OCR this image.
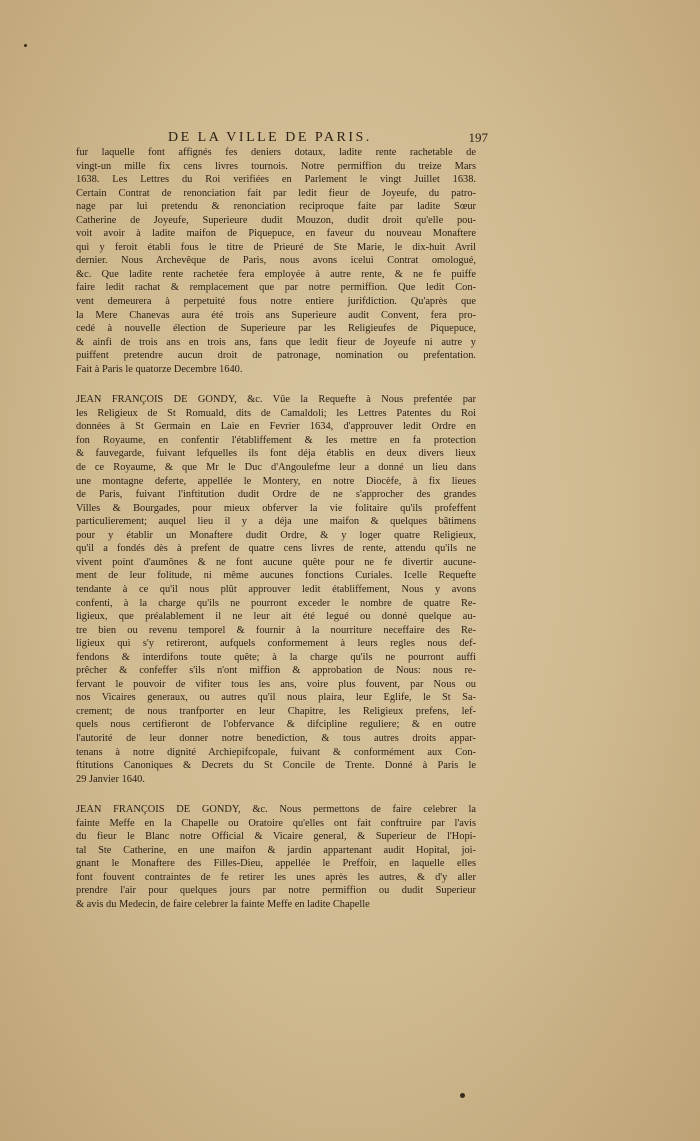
DE LA VILLE DE PARIS.	197
fur laquelle font affignés fes deniers dotaux, ladite rente rachetable de
vingt-un mille fix cens livres tournois. Notre permiffion du treize Mars
1638. Les Lettres du Roi verifiées en Parlement le vingt Juillet 1638.
Certain Contrat de renonciation fait par ledit fieur de Joyeufe, du patro-
nage par lui pretendu & renonciation reciproque faite par ladite Sœur
Catherine de Joyeufe, Superieure dudit Mouzon, dudit droit qu'elle pou-
voit avoir à ladite maifon de Piquepuce, en faveur du nouveau Monaftere
qui y feroit établi fous le titre de Prieuré de Ste Marie, le dix-huit Avril
dernier. Nous Archevêque de Paris, nous avons icelui Contrat omologué,
&c. Que ladite rente rachetée fera employée à autre rente, & ne fe puiffe
faire ledit rachat & remplacement que par notre permiffion. Que ledit Con-
vent demeurera à perpetuité fous notre entiere jurifdiction. Qu'après que
la Mere Chanevas aura été trois ans Superieure audit Convent, fera pro-
cedé à nouvelle élection de Superieure par les Religieufes de Piquepuce,
& ainfi de trois ans en trois ans, fans que ledit fieur de Joyeufe ni autre y
puiffent pretendre aucun droit de patronage, nomination ou prefentation.
Fait à Paris le quatorze Decembre 1640.
JEAN FRANÇOIS DE GONDY, &c. Vûe la Requefte à Nous prefentée par
les Religieux de St Romuald, dits de Camaldoli; les Lettres Patentes du Roi
données à St Germain en Laie en Fevrier 1634, d'approuver ledit Ordre en
fon Royaume, en confentir l'établiffement & les mettre en fa protection
& fauvegarde, fuivant lefquelles ils font déja établis en deux divers lieux
de ce Royaume, & que Mr le Duc d'Angoulefme leur a donné un lieu dans
une montagne deferte, appellée le Montery, en notre Diocèfe, à fix lieues
de Paris, fuivant l'inftitution dudit Ordre de ne s'approcher des grandes
Villes & Bourgades, pour mieux obferver la vie folitaire qu'ils profeffent
particulierement; auquel lieu il y a déja une maifon & quelques bâtimens
pour y établir un Monaftere dudit Ordre, & y loger quatre Religieux,
qu'il a fondés dès à prefent de quatre cens livres de rente, attendu qu'ils ne
vivent point d'aumônes & ne font aucune quête pour ne fe divertir aucune-
ment de leur folitude, ni même aucunes fonctions Curiales. Icelle Requefte
tendante à ce qu'il nous plût approuver ledit établiffement, Nous y avons
confenti, à la charge qu'ils ne pourront exceder le nombre de quatre Re-
ligieux, que préalablement il ne leur ait été legué ou donné quelque au-
tre bien ou revenu temporel & fournir à la nourriture neceffaire des Re-
ligieux qui s'y retireront, aufquels conformement à leurs regles nous def-
fendons & interdifons toute quête; à la charge qu'ils ne pourront auffi
prêcher & confeffer s'ils n'ont miffion & approbation de Nous: nous re-
fervant le pouvoir de vifiter tous les ans, voire plus fouvent, par Nous ou
nos Vicaires generaux, ou autres qu'il nous plaira, leur Eglife, le St Sa-
crement; de nous tranfporter en leur Chapitre, les Religieux prefens, lef-
quels nous certifieront de l'obfervance & difcipline reguliere; & en outre
l'autorité de leur donner notre benediction, & tous autres droits appar-
tenans à notre dignité Archiepifcopale, fuivant & conformément aux Con-
ftitutions Canoniques & Decrets du St Concile de Trente. Donné à Paris le
29 Janvier 1640.
JEAN FRANÇOIS DE GONDY, &c. Nous permettons de faire celebrer la
fainte Meffe en la Chapelle ou Oratoire qu'elles ont fait conftruire par l'avis
du fieur le Blanc notre Official & Vicaire general, & Superieur de l'Hopi-
tal Ste Catherine, en une maifon & jardin appartenant audit Hopital, joi-
gnant le Monaftere des Filles-Dieu, appellée le Preffoir, en laquelle elles
font fouvent contraintes de fe retirer les unes après les autres, & d'y aller
prendre l'air pour quelques jours par notre permiffion ou dudit Superieur
& avis du Medecin, de faire celebrer la fainte Meffe en ladite Chapelle
